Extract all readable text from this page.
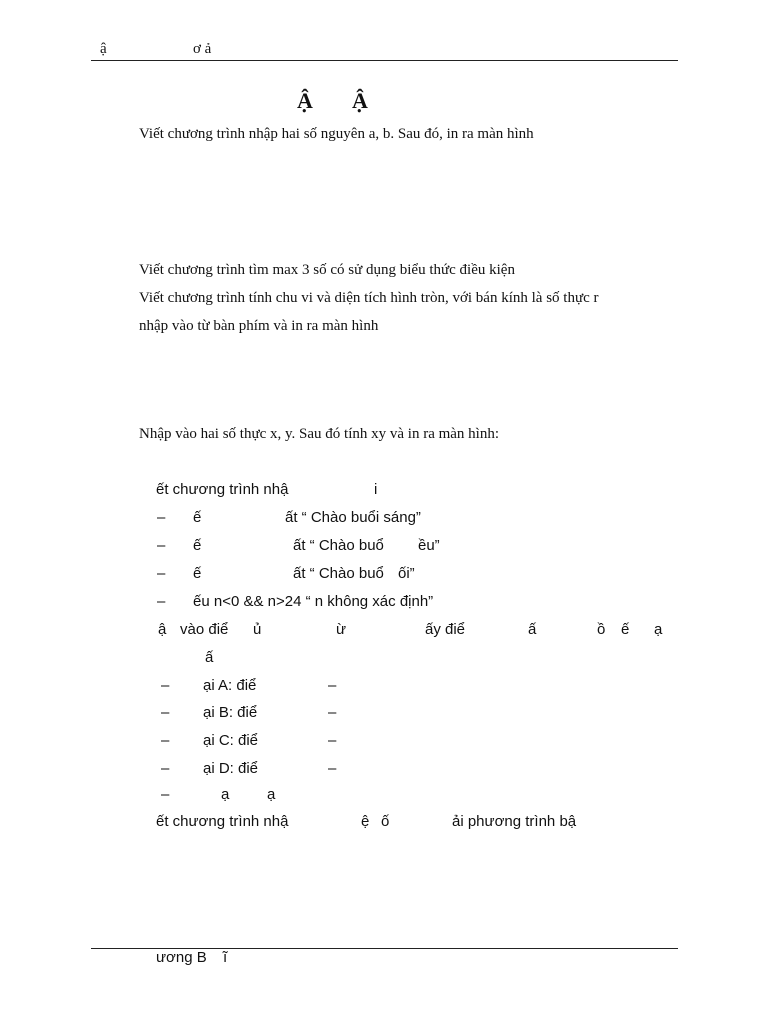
ậ	ơ ả
Ậ Ậ
Viết chương trình nhập hai số nguyên a, b. Sau đó, in ra màn hình
Viết chương trình tìm max 3 số có sử dụng biểu thức điều kiện
Viết chương trình tính chu vi và diện tích hình tròn, với bán kính là số thực r
nhập vào từ bàn phím và in ra màn hình
Nhập vào hai số thực x, y. Sau đó tính xy và in ra màn hình:
ết chương trình nhậ	i
– ế	ất “ Chào buổi sáng”
– ế	ất “ Chào buổ ều”
– ế	ất “ Chào buổ ối”
– ếu n<0 && n>24 “ n không xác định”
ậ vào điể ủ	ừ	ấy điể	ấ	ồ ế ạ
ấ
– ại A: điể	–
– ại B: điể	–
– ại C: điể	–
– ại D: điể	–
–	ạ	ạ
ết chương trình nhậ	ệ ố	ải phương trình bậ
ương B ĩ
